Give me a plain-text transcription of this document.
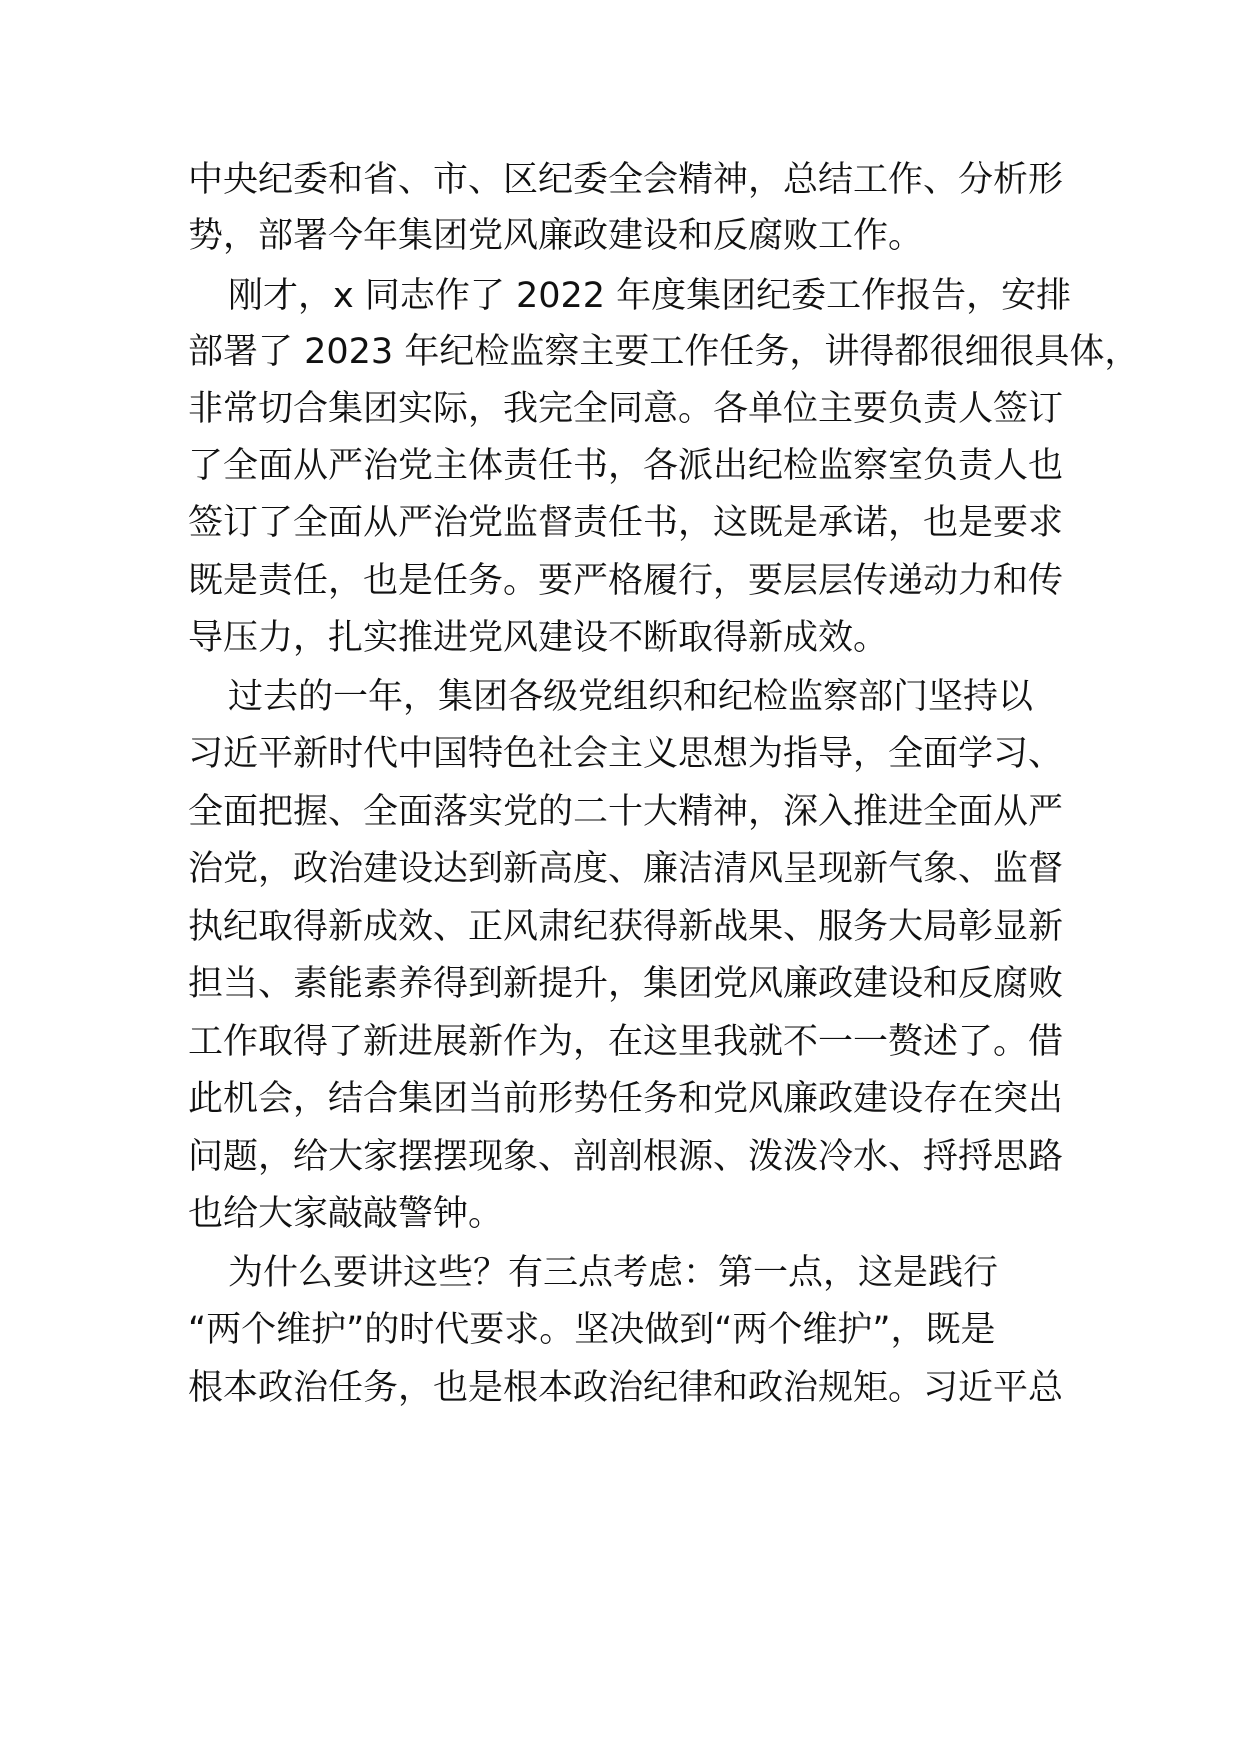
中央纪委和省、市、区纪委全会精神，总结工作、分析形

势，部署今年集团党风廉政建设和反腐败工作。

刚才，x 同志作了 2022 年度集团纪委工作报告，安排

部署了 2023 年纪检监察主要工作任务，讲得都很细很具体，

非常切合集团实际，我完全同意。各单位主要负责人签订

了全面从严治党主体责任书，各派出纪检监察室负责人也

签订了全面从严治党监督责任书，这既是承诺，也是要求

既是责任，也是任务。要严格履行，要层层传递动力和传

导压力，扎实推进党风建设不断取得新成效。

过去的一年，集团各级党组织和纪检监察部门坚持以

习近平新时代中国特色社会主义思想为指导，全面学习、

全面把握、全面落实党的二十大精神，深入推进全面从严

治党，政治建设达到新高度、廉洁清风呈现新气象、监督

执纪取得新成效、正风肃纪获得新战果、服务大局彰显新

担当、素能素养得到新提升，集团党风廉政建设和反腐败

工作取得了新进展新作为，在这里我就不一一赘述了。借

此机会，结合集团当前形势任务和党风廉政建设存在突出

问题，给大家摆摆现象、剖剖根源、泼泼冷水、捋捋思路

也给大家敲敲警钟。

为什么要讲这些？有三点考虑：第一点，这是践行

“两个维护”的时代要求。坚决做到“两个维护”，既是

根本政治任务，也是根本政治纪律和政治规矩。习近平总
